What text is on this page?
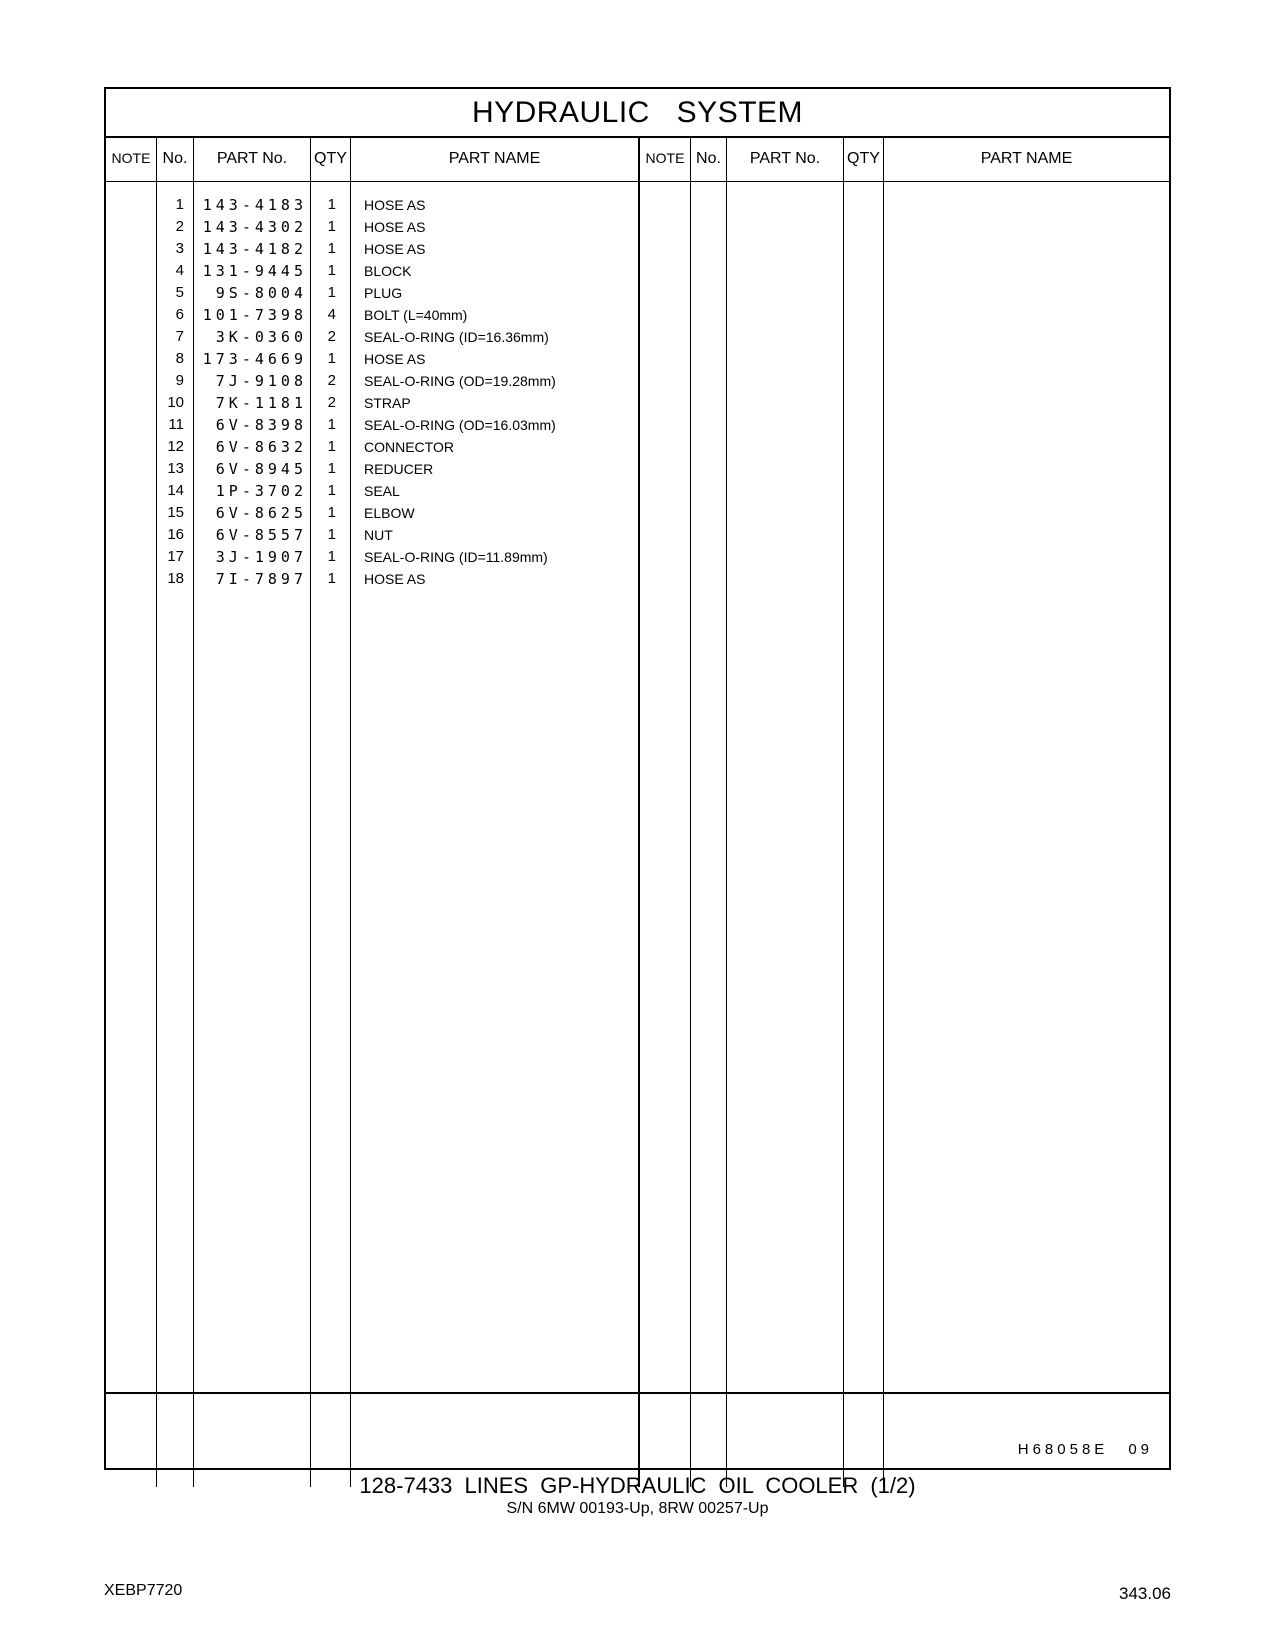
HYDRAULIC SYSTEM
NOTE No.	PART No.	QTY	PART NAME	NOTE No.	PART No.	QTY	PART NAME
1	143-4183	1 HOSE AS
2	143-4302	1 HOSE AS
3	143-4182	1 HOSE AS
4	131-9445	1 BLOCK
5	9S-8004	1 PLUG
6	101-7398	4 BOLT (L=40mm)
7	3K-0360	2 SEAL-O-RING (ID=16.36mm)
8	173-4669	1 HOSE AS
9	7J-9108	2 SEAL-O-RING (OD=19.28mm)
10	7K-1181	2 STRAP
11	6V-8398	1 SEAL-O-RING (OD=16.03mm)
12	6V-8632	1 CONNECTOR
13	6V-8945	1 REDUCER
14	1P-3702	1 SEAL
15	6V-8625	1 ELBOW
16	6V-8557	1 NUT
17	3J-1907	1 SEAL-O-RING (ID=11.89mm)
18	7I-7897	1 HOSE AS
H68058E 09
128-7433 LINES GP-HYDRAULIC OIL COOLER (1/2)
S/N 6MW 00193-Up, 8RW 00257-Up
XEBP7720	343.06
